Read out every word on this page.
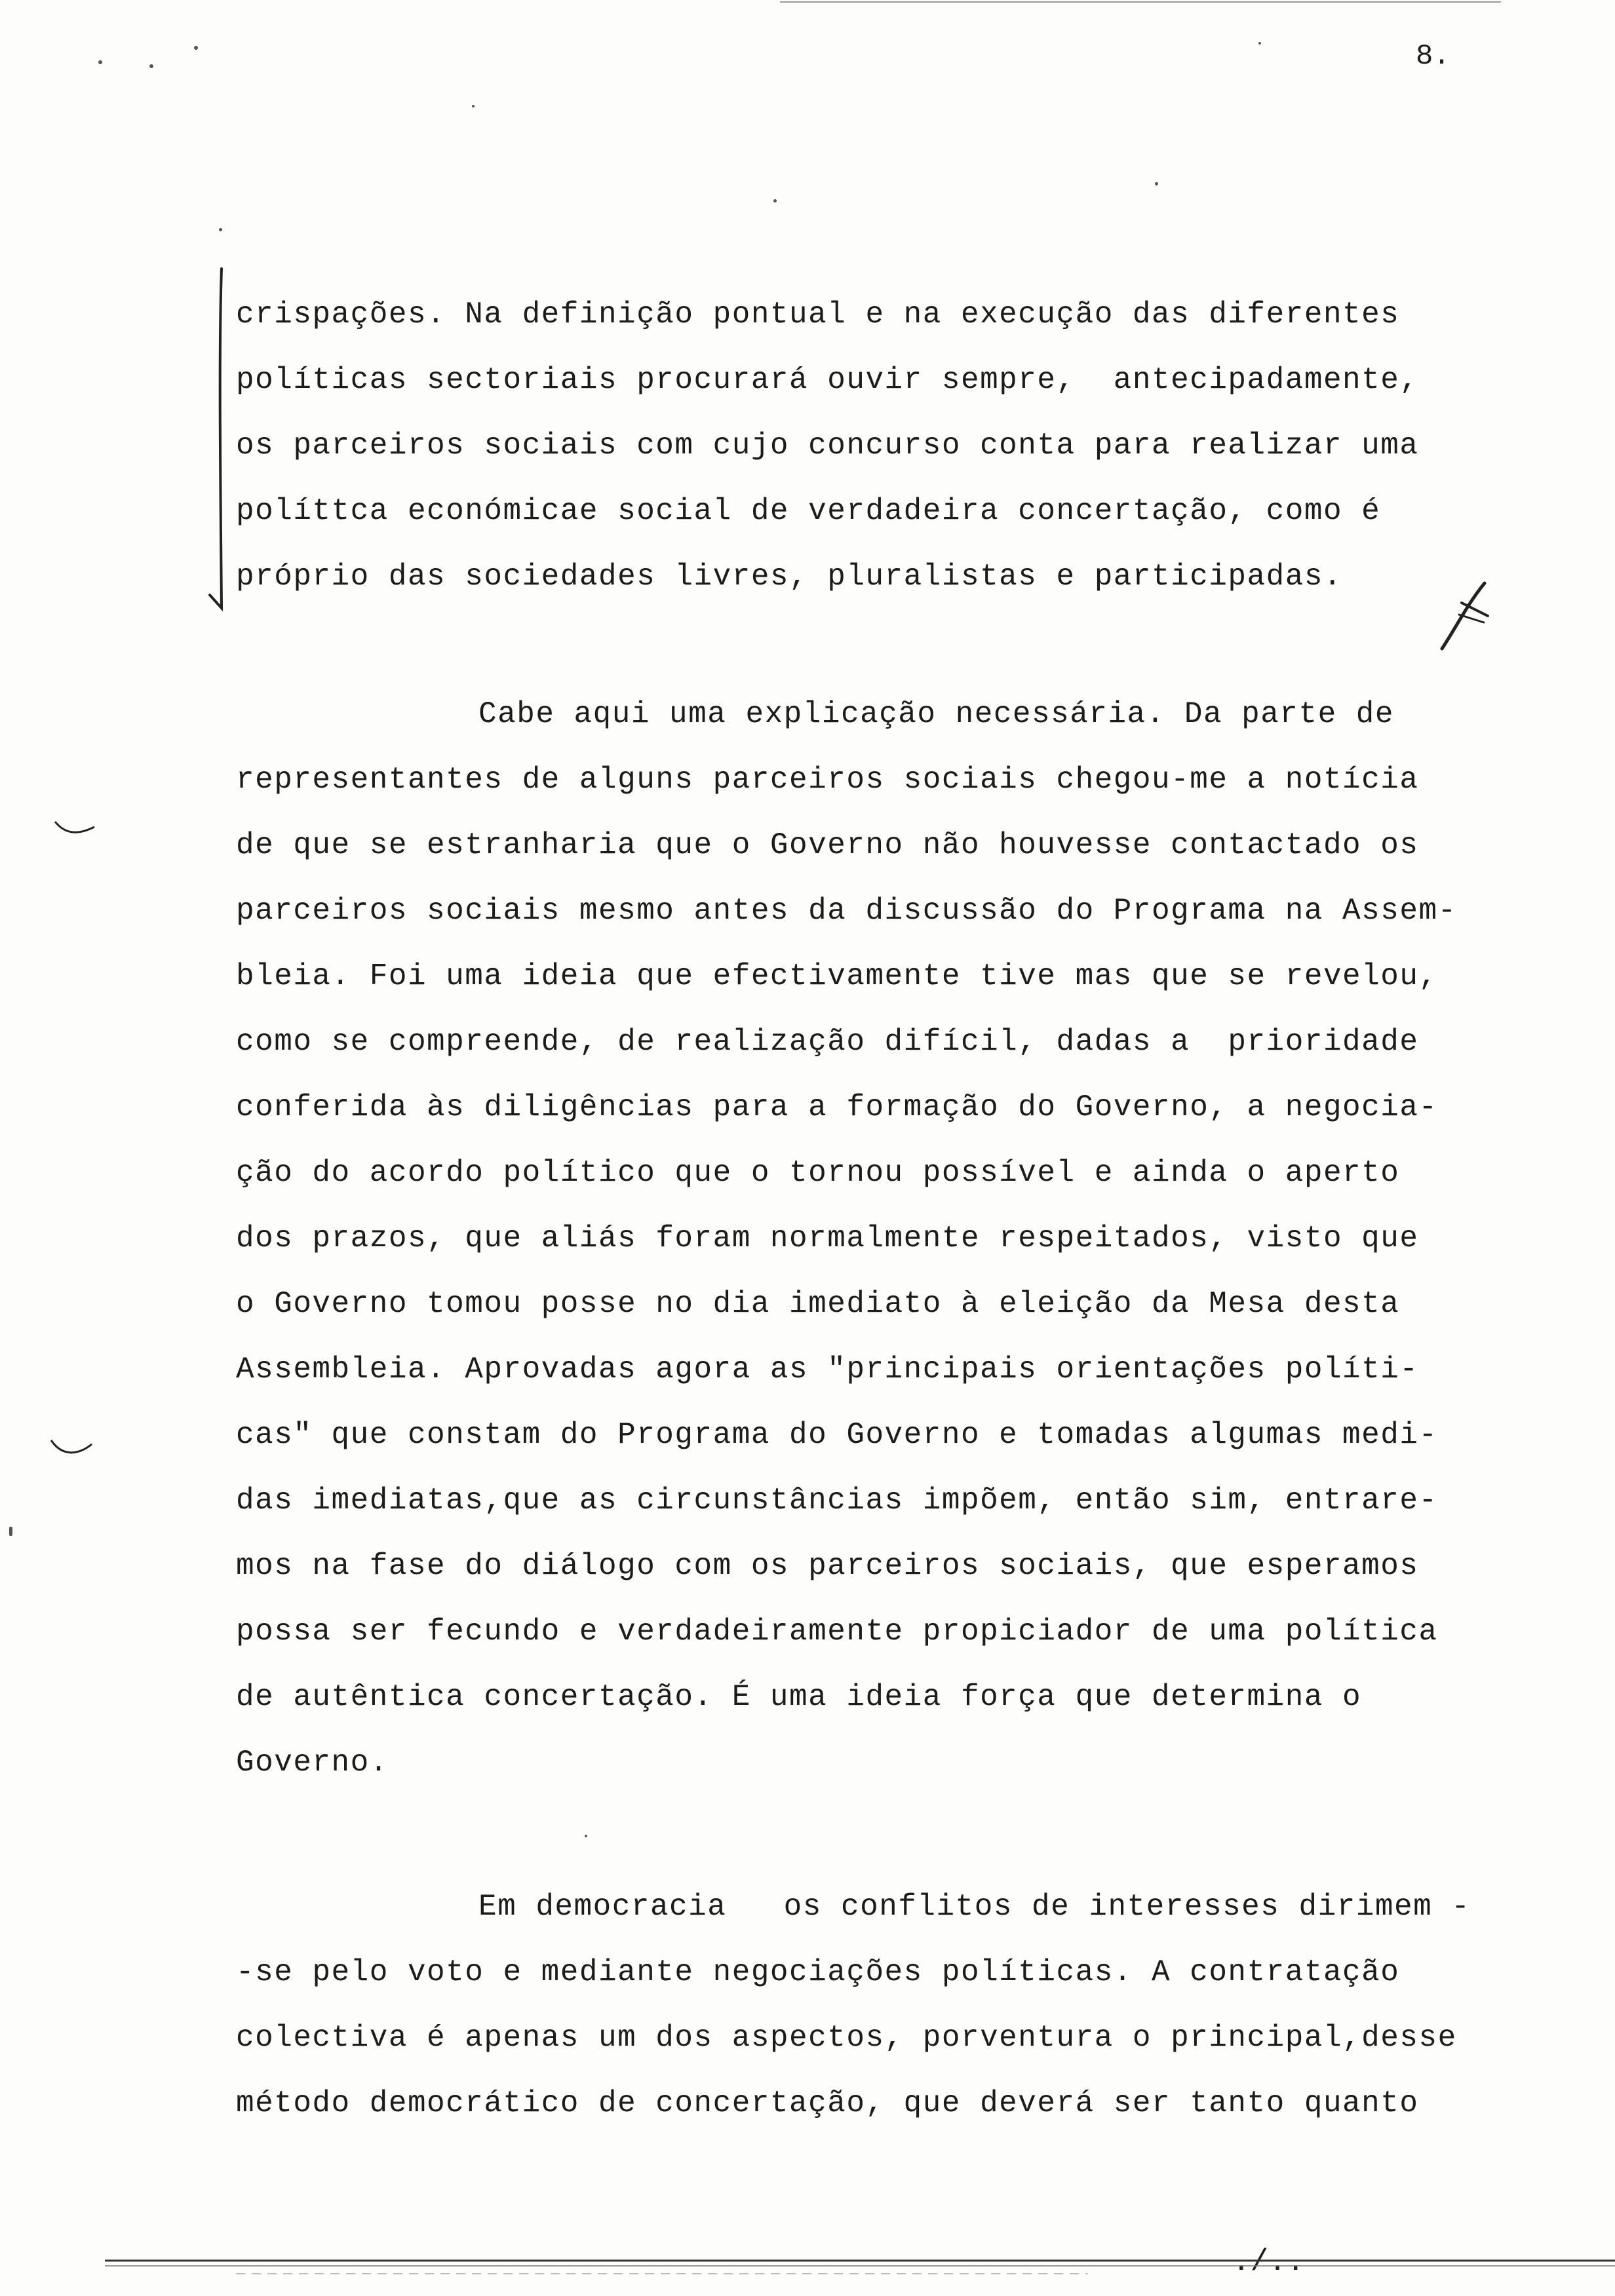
8.
crispações. Na definição pontual e na execução das diferentes
políticas sectoriais procurará ouvir sempre,  antecipadamente,
os parceiros sociais com cujo concurso conta para realizar uma
políttca económicae social de verdadeira concertação, como é
próprio das sociedades livres, pluralistas e participadas.
Cabe aqui uma explicação necessária. Da parte de
representantes de alguns parceiros sociais chegou-me a notícia
de que se estranharia que o Governo não houvesse contactado os
parceiros sociais mesmo antes da discussão do Programa na Assem-
bleia. Foi uma ideia que efectivamente tive mas que se revelou,
como se compreende, de realização difícil, dadas a  prioridade
conferida às diligências para a formação do Governo, a negocia-
ção do acordo político que o tornou possível e ainda o aperto
dos prazos, que aliás foram normalmente respeitados, visto que
o Governo tomou posse no dia imediato à eleição da Mesa desta
Assembleia. Aprovadas agora as "principais orientações políti-
cas" que constam do Programa do Governo e tomadas algumas medi-
das imediatas,que as circunstâncias impõem, então sim, entrare-
mos na fase do diálogo com os parceiros sociais, que esperamos
possa ser fecundo e verdadeiramente propiciador de uma política
de autêntica concertação. É uma ideia força que determina o
Governo.
Em democracia   os conflitos de interesses dirimem -
-se pelo voto e mediante negociações políticas. A contratação
colectiva é apenas um dos aspectos, porventura o principal,desse
método democrático de concertação, que deverá ser tanto quanto
./..
